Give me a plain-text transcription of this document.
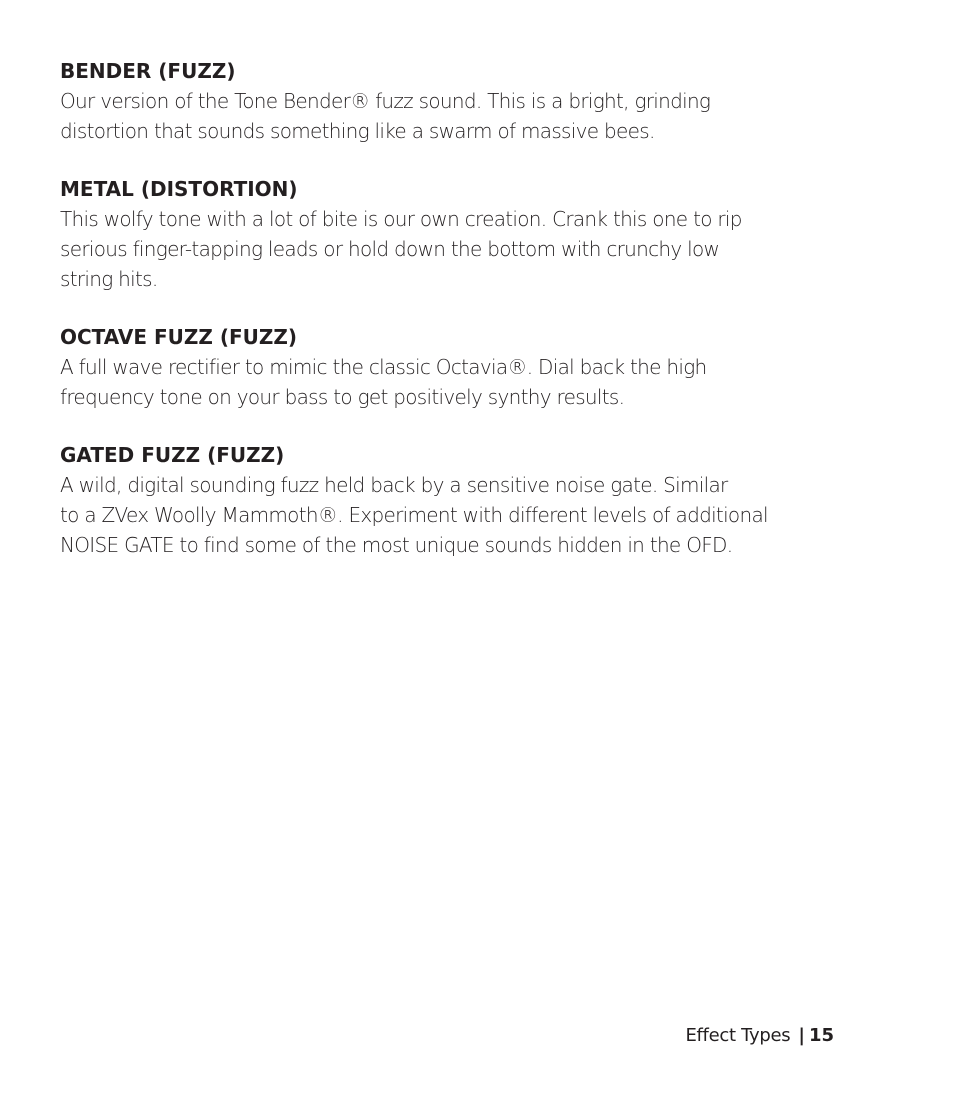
BENDER (FUZZ)

Our version of the Tone Bender® fuzz sound. This is a bright, grinding
distortion that sounds something like a swarm of massive bees.

METAL (DISTORTION)

This wolfy tone with a lot of bite is our own creation. Crank this one to rip
serious finger-tapping leads or hold down the bottom with crunchy low
string hits.

OCTAVE FUZZ (FUZZ)

A full wave rectifier to mimic the classic Octavia®. Dial back the high
frequency tone on your bass to get positively synthy results.

GATED FUZZ (FUZZ)

A wild, digital sounding fuzz held back by a sensitive noise gate. Similar
to a ZVex Woolly Mammoth®. Experiment with different levels of additional
NOISE GATE to find some of the most unique sounds hidden in the OFD.

Effect Types | 15
